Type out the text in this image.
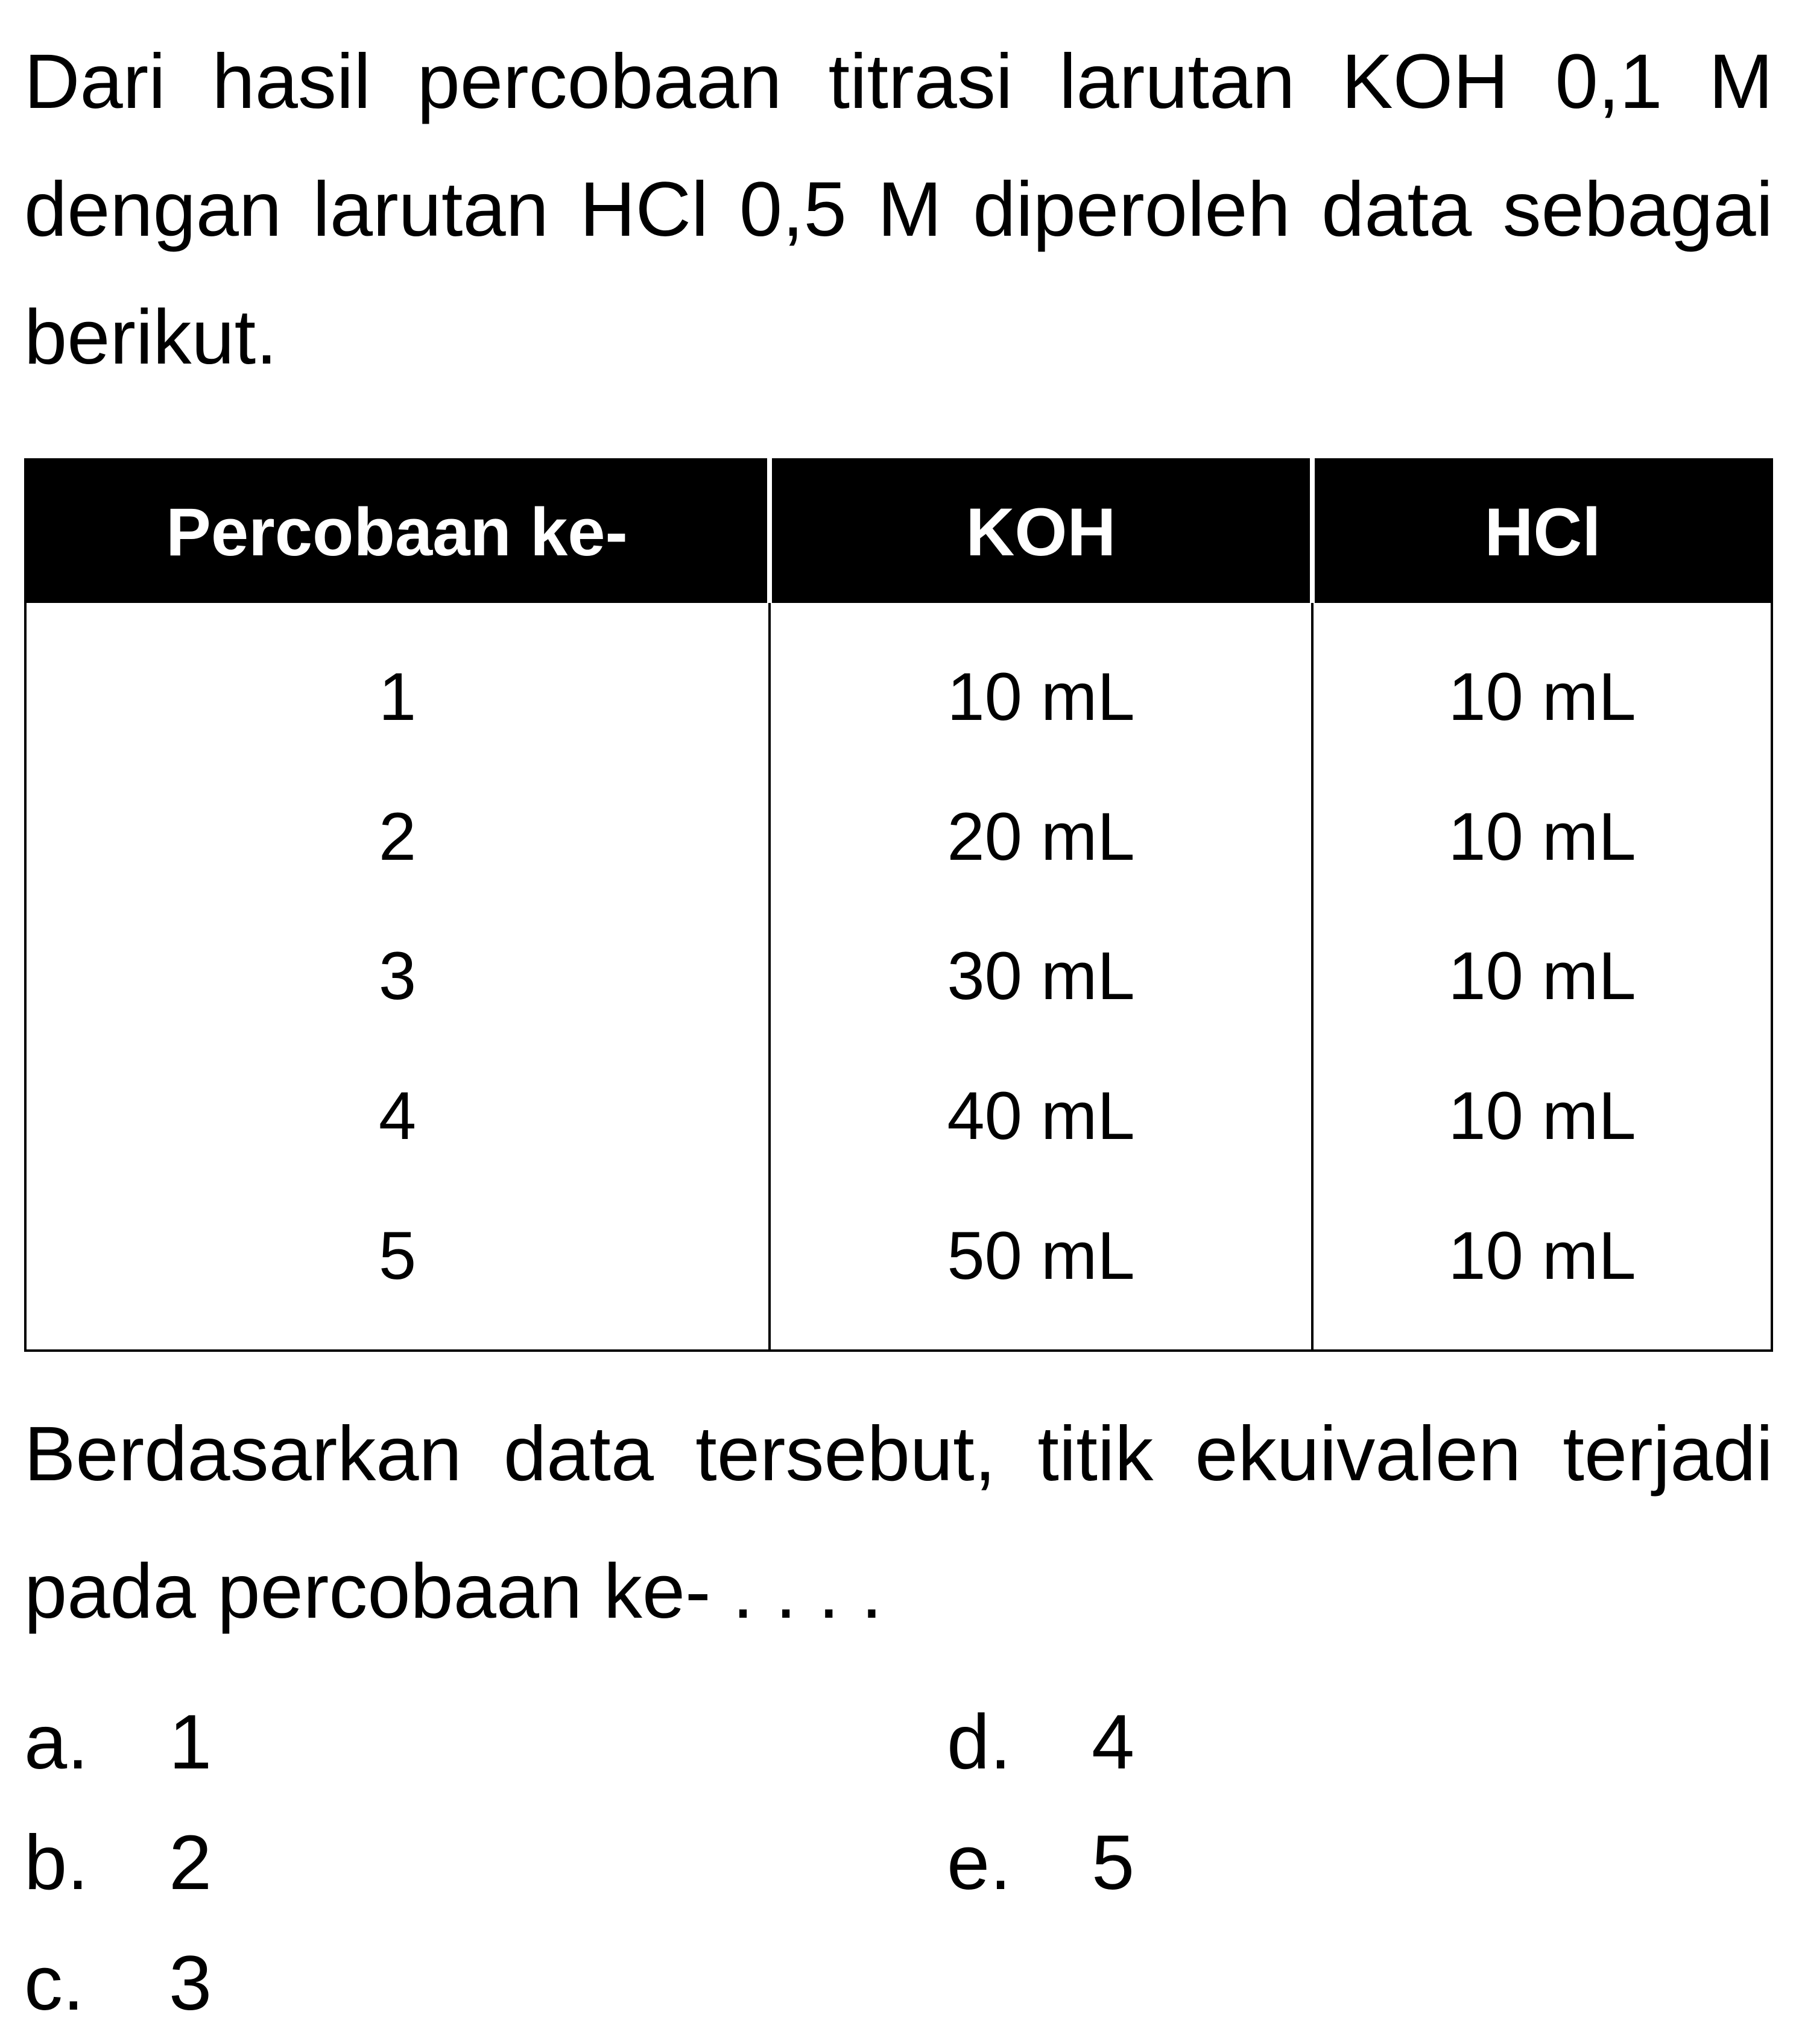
Dari hasil percobaan titrasi larutan KOH 0,1 M dengan larutan HCl 0,5 M diperoleh data sebagai berikut.

Percobaan ke-	KOH	HCl
1	10 mL	10 mL
2	20 mL	10 mL
3	30 mL	10 mL
4	40 mL	10 mL
5	50 mL	10 mL

Berdasarkan data tersebut, titik ekuivalen terjadi pada percobaan ke- . . . .

a. 1
b. 2
c. 3
d. 4
e. 5
